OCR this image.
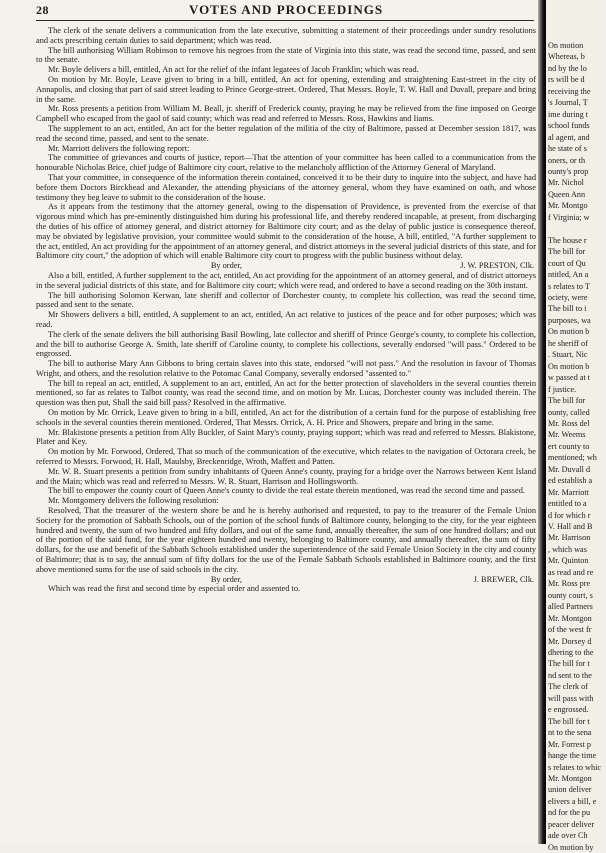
28	VOTES AND PROCEEDINGS

The clerk of the senate delivers a communication from the late executive, submitting a statement of their proceedings under sundry resolutions and acts prescribing certain duties to said department; which was read.

The bill authorising William Robinson to remove his negroes from the state of Virginia into this state, was read the second time, passed, and sent to the senate.

Mr. Boyle delivers a bill, entitled, An act for the relief of the infant legatees of Jacob Franklin; which was read.

On motion by Mr. Boyle, Leave given to bring in a bill, entitled, An act for opening, extending and straightening East-street in the city of Annapolis, and closing that part of said street leading to Prince George-street. Ordered, That Messrs. Boyle, T. W. Hall and Duvall, prepare and bring in the same.

Mr. Ross presents a petition from William M. Beall, jr. sheriff of Frederick county, praying he may be relieved from the fine imposed on George Campbell who escaped from the gaol of said county; which was read and referred to Messrs. Ross, Hawkins and Iiams.

The supplement to an act, entitled, An act for the better regulation of the militia of the city of Baltimore, passed at December session 1817, was read the second time, passed, and sent to the senate.

Mr. Marriott delivers the following report:

The committee of grievances and courts of justice, report—That the attention of your committee has been called to a communication from the honourable Nicholas Brice, chief judge of Baltimore city court, relative to the melancholy affliction of the Attorney General of Maryland.

That your committee, in consequence of the information therein contained, conceived it to be their duty to inquire into the subject, and have had before them Doctors Birckhead and Alexander, the attending physicians of the attorney general, whom they have examined on oath, and whose testimony they beg leave to submit to the consideration of the house.

As it appears from the testimony that the attorney general, owing to the dispensation of Providence, is prevented from the exercise of that vigorous mind which has pre-eminently distinguished him during his professional life, and thereby rendered incapable, at present, from discharging the duties of his office of attorney general, and district attorney for Baltimore city court; and as the delay of public justice is consequence thereof, may be obviated by legislative provision, your committee would submit to the consideration of the house, A bill, entitled, "A further supplement to the act, entitled, An act providing for the appointment of an attorney general, and district attorneys in the several judicial districts of this state, and for Baltimore city court," the adoption of which will enable Baltimore city court to progress with the public business without delay.

By order,	J. W. PRESTON, Clk.

Also a bill, entitled, A further supplement to the act, entitled, An act providing for the appointment of an attorney general, and of district attorneys in the several judicial districts of this state, and for Baltimore city court; which were read, and ordered to have a second reading on the 30th instant.

The bill authorising Solomon Kerwan, late sheriff and collector of Dorchester county, to complete his collection, was read the second time, passed and sent to the senate.

Mr Showers delivers a bill, entitled, A supplement to an act, entitled, An act relative to justices of the peace and for other purposes; which was read.

The clerk of the senate delivers the bill authorising Basil Bowling, late collector and sheriff of Prince George's county, to complete his collection, and the bill to authorise George A. Smith, late sheriff of Caroline county, to complete his collections, severally endorsed "will pass." Ordered to be engrossed.

The bill to authorise Mary Ann Gibbons to bring certain slaves into this state, endorsed "will not pass." And the resolution in favour of Thomas Wright, and others, and the resolution relative to the Potomac Canal Company, severally endorsed "assented to."

The bill to repeal an act, entitled, A supplement to an act, entitled, An act for the better protection of slaveholders in the several counties therein mentioned, so far as relates to Talbot county, was read the second time, and on motion by Mr. Lucas, Dorchester county was included therein. The question was then put, Shall the said bill pass? Resolved in the affirmative.

On motion by Mr. Orrick, Leave given to bring in a bill, entitled, An act for the distribution of a certain fund for the purpose of establishing free schools in the several counties therein mentioned. Ordered, That Messrs. Orrick, A. H. Price and Showers, prepare and bring in the same.

Mr. Blakistone presents a petition from Ally Buckler, of Saint Mary's county, praying support; which was read and referred to Messrs. Blakistone, Plater and Key.

On motion by Mr. Forwood, Ordered, That so much of the communication of the executive, which relates to the navigation of Octorara creek, be referred to Messrs. Forwood, H. Hall, Maulsby, Breckenridge, Wroth, Maffett and Patten.

Mr. W. R. Stuart presents a petition from sundry inhabitants of Queen Anne's county, praying for a bridge over the Narrows between Kent Island and the Main; which was read and referred to Messrs. W. R. Stuart, Harrison and Hollingsworth.

The bill to empower the county court of Queen Anne's county to divide the real estate therein mentioned, was read the second time and passed.

Mr. Montgomery delivers the following resolution:

Resolved, That the treasurer of the western shore be and he is hereby authorised and requested, to pay to the treasurer of the Female Union Society for the promotion of Sabbath Schools, out of the portion of the school funds of Baltimore county, belonging to the city, for the year eighteen hundred and twenty, the sum of two hundred and fifty dollars, and out of the same fund, annually thereafter, the sum of one hundred dollars; and out of the portion of the said fund, for the year eighteen hundred and twenty, belonging to Baltimore county, and annually thereafter, the sum of fifty dollars, for the use and benefit of the Sabbath Schools established under the superintendence of the said Female Union Society in the city and county of Baltimore; that is to say, the annual sum of fifty dollars for the use of the Female Sabbath Schools established in Baltimore county, and the first above mentioned sums for the use of said schools in the city.

By order,	J. BREWER, Clk.

Which was read the first and second time by especial order and assented to.

On motion
Whereas, b
nd by the lo
rs will be d
receiving the
's Journal, T
ime during t
school funds
al agent, and
he state of s
oners, or th
ounty's prop
Mr. Nichol
Queen Ann
Mr. Montgo
f Virginia; w

The house r
The bill for
court of Qu
ntitled, An a
s relates to T
ociety, were
The bill to i
purposes, wa
On motion b
he sheriff of
. Stuart, Nic
On motion b
w passed at t
f justice.
The bill for
ounty, called
Mr. Ross del
Mr. Weems
ert county to
mentioned; wh
Mr. Duvall d
ed establish a
Mr. Marriott
entitled to a
d for which r
V. Hall and B
Mr. Harrison
, which was
Mr. Quinton
as read and re
Mr. Ross pre
ounty court, s
alled Partners
Mr. Montgon
of the west fr
Mr. Dorsey d
dhering to the
The bill for t
nd sent to the
The clerk of
will pass with
e engrossed.
The bill for t
nt to the sena
Mr. Forrest p
hange the time
s relates to whic
Mr. Montgon
union deliver
elivers a bill, e
nd for the pu
peacer deliver
ade over Ch
On motion by
